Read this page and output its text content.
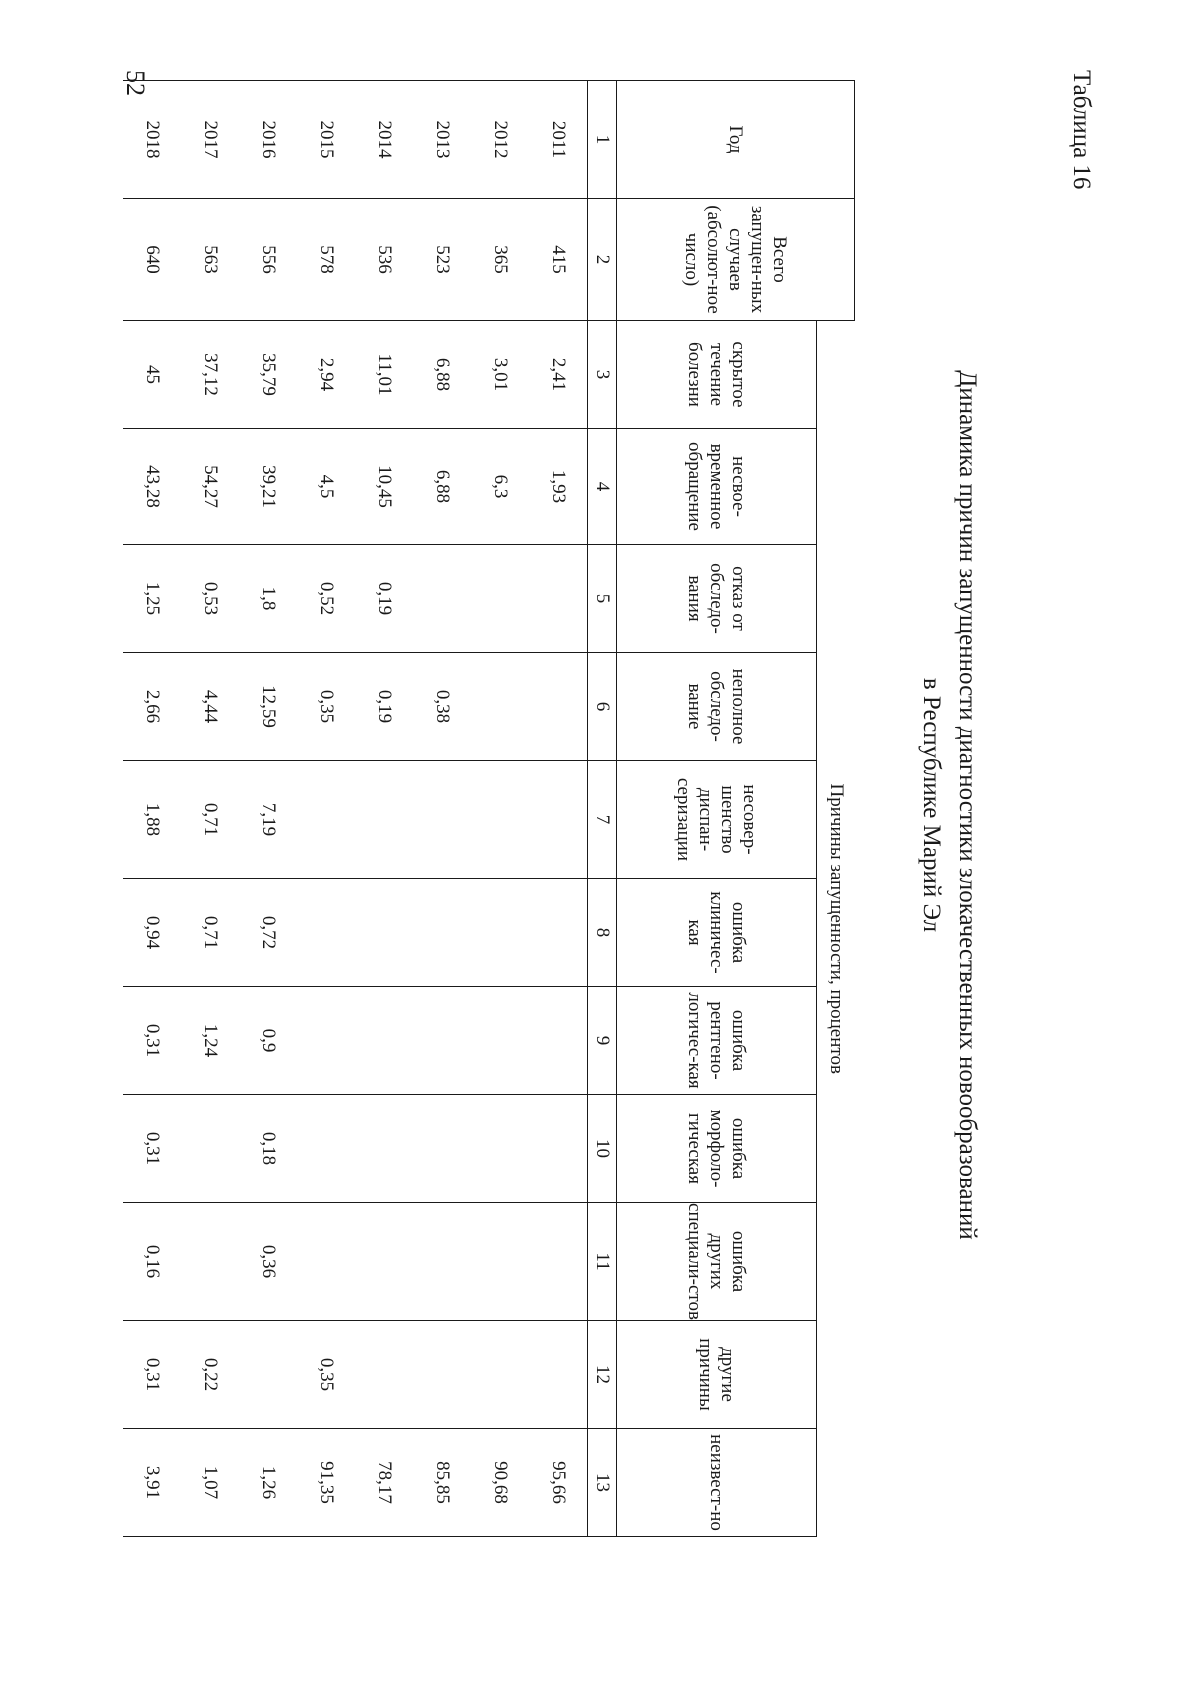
52	Таблица 16
Динамика причин запущенности диагностики злокачественных новообразований
в Республике Марий Эл
Год	Всего запущен-ных случаев (абсолют-ное число)	Причины запущенности, процентов										
		скрытое течение болезни	несвое-временное обращение	отказ от обследо-вания	неполное обследо-вание	несовер-шенство диспан-серизации	ошибка клиничес-кая	ошибка рентгено-логичес-кая	ошибка морфоло-гическая	ошибка других специали-стов	другие причины	неизвест-но
1	2	3	4	5	6	7	8	9	10	11	12	13
2011	415	2,41	1,93									95,66
2012	365	3,01	6,3									90,68
2013	523	6,88	6,88		0,38							85,85
2014	536	11,01	10,45	0,19	0,19							78,17
2015	578	2,94	4,5	0,52	0,35						0,35	91,35
2016	556	35,79	39,21	1,8	12,59	7,19	0,72	0,9	0,18	0,36		1,26
2017	563	37,12	54,27	0,53	4,44	0,71	0,71	1,24			0,22	1,07
2018	640	45	43,28	1,25	2,66	1,88	0,94	0,31	0,31	0,16	0,31	3,91
